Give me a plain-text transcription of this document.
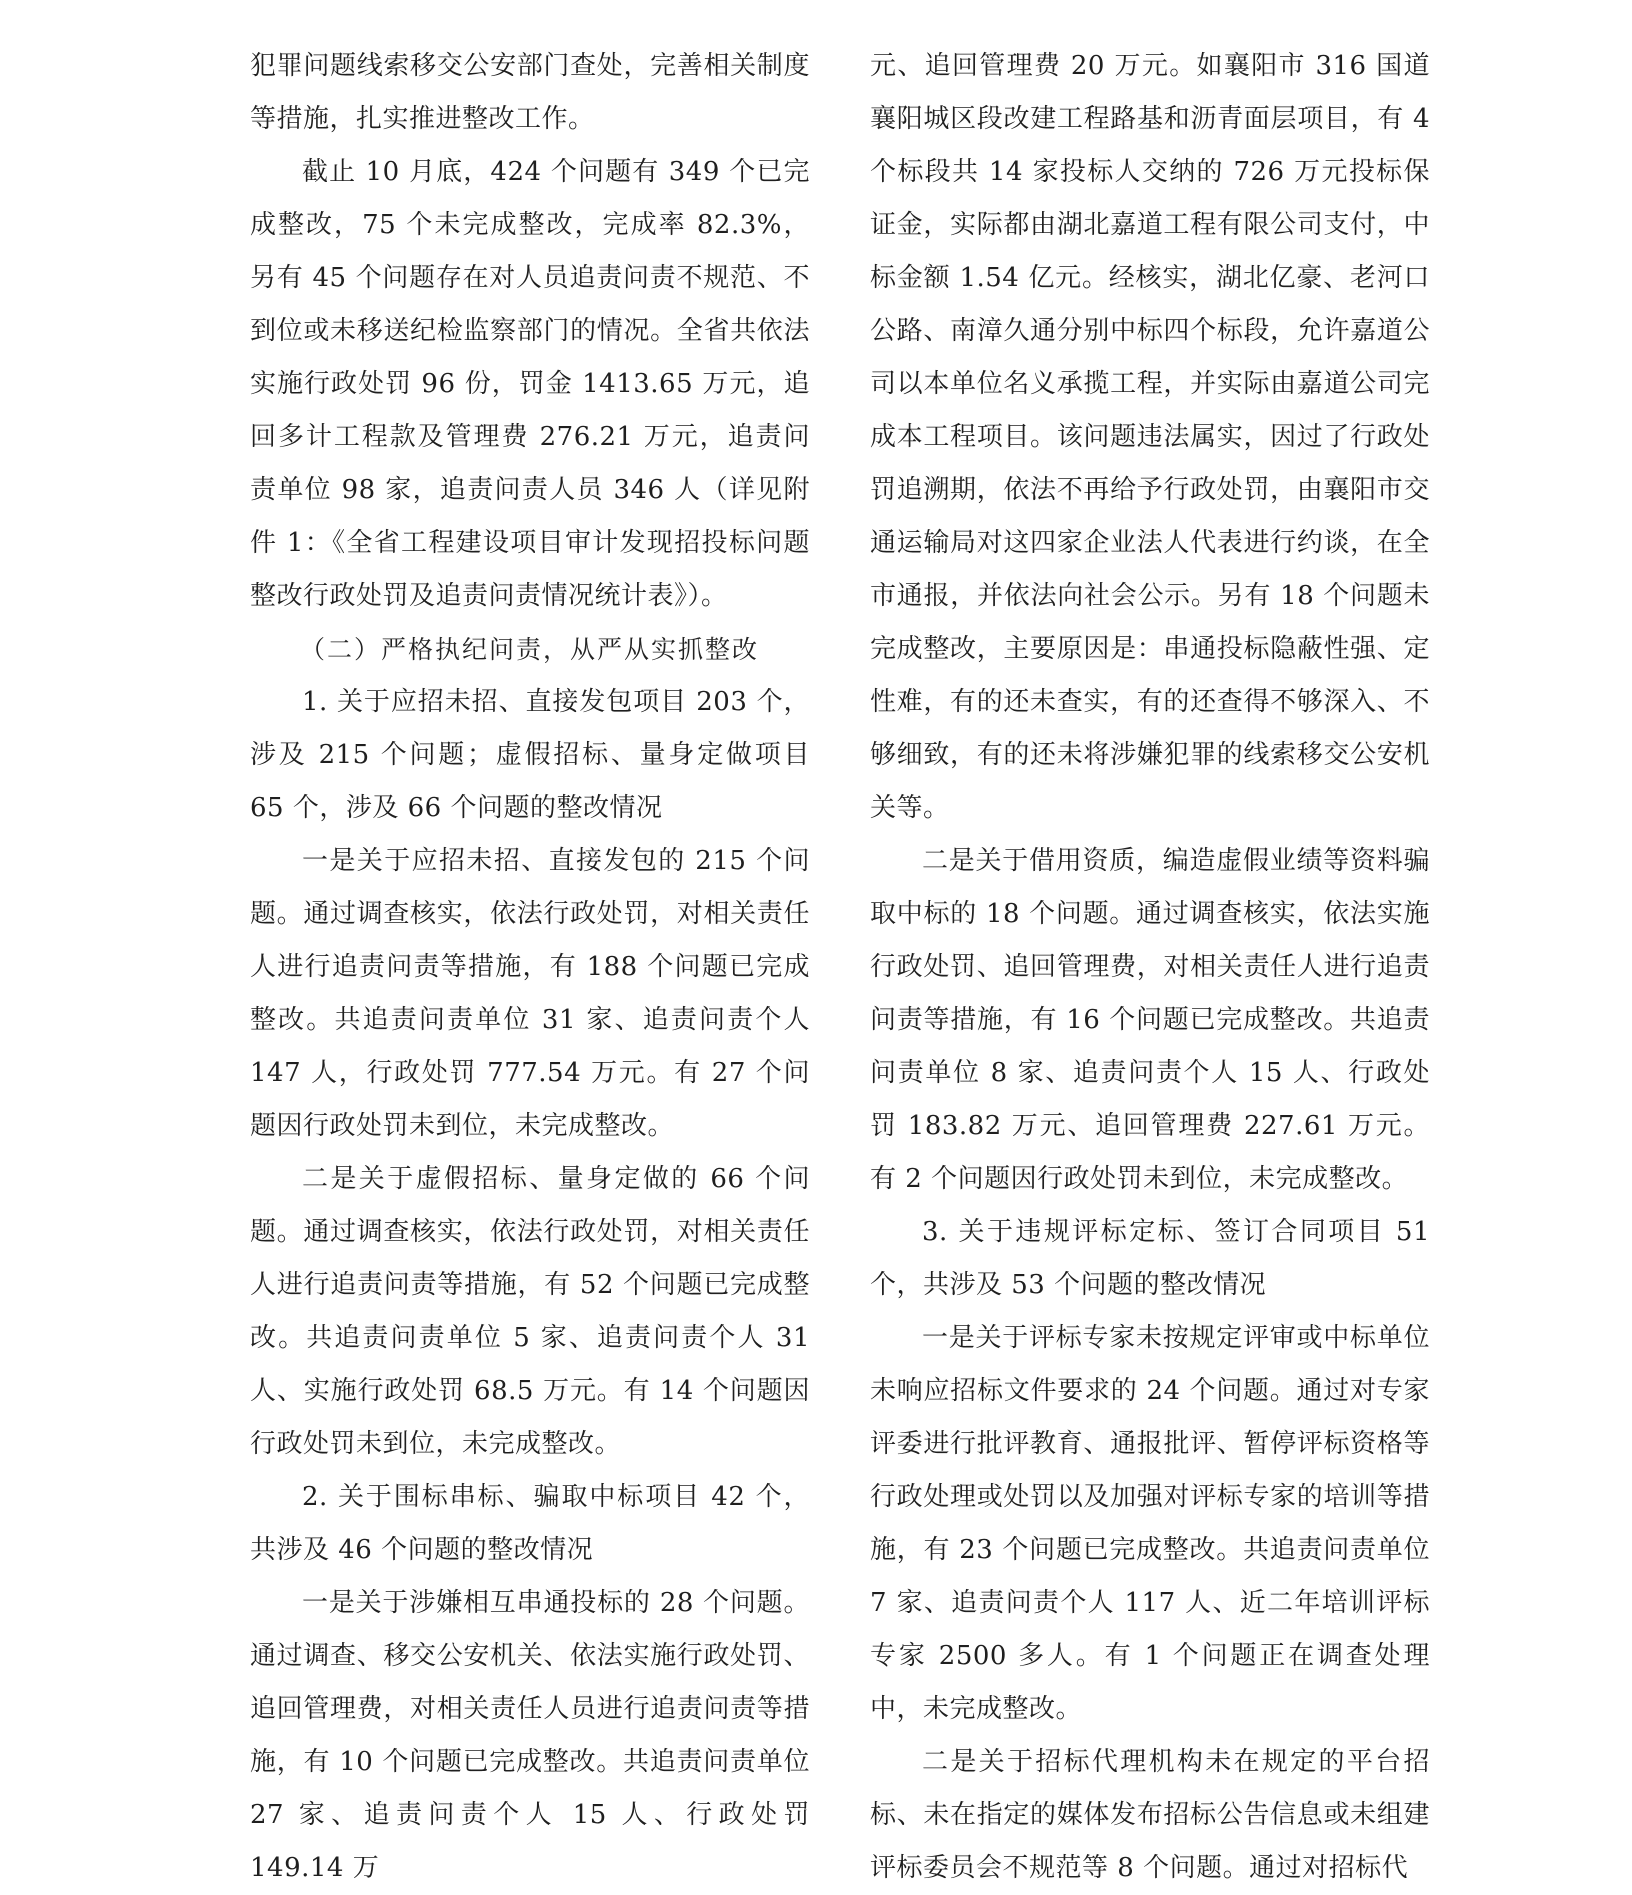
犯罪问题线索移交公安部门查处，完善相关制度等措施，扎实推进整改工作。

截止 10 月底，424 个问题有 349 个已完成整改，75 个未完成整改，完成率 82.3%，另有 45 个问题存在对人员追责问责不规范、不到位或未移送纪检监察部门的情况。全省共依法实施行政处罚 96 份，罚金 1413.65 万元，追回多计工程款及管理费 276.21 万元，追责问责单位 98 家，追责问责人员 346 人（详见附件 1：《全省工程建设项目审计发现招投标问题整改行政处罚及追责问责情况统计表》）。

（二）严格执纪问责，从严从实抓整改

1. 关于应招未招、直接发包项目 203 个，涉及 215 个问题；虚假招标、量身定做项目 65 个，涉及 66 个问题的整改情况

一是关于应招未招、直接发包的 215 个问题。通过调查核实，依法行政处罚，对相关责任人进行追责问责等措施，有 188 个问题已完成整改。共追责问责单位 31 家、追责问责个人 147 人，行政处罚 777.54 万元。有 27 个问题因行政处罚未到位，未完成整改。

二是关于虚假招标、量身定做的 66 个问题。通过调查核实，依法行政处罚，对相关责任人进行追责问责等措施，有 52 个问题已完成整改。共追责问责单位 5 家、追责问责个人 31 人、实施行政处罚 68.5 万元。有 14 个问题因行政处罚未到位，未完成整改。

2. 关于围标串标、骗取中标项目 42 个，共涉及 46 个问题的整改情况

一是关于涉嫌相互串通投标的 28 个问题。通过调查、移交公安机关、依法实施行政处罚、追回管理费，对相关责任人员进行追责问责等措施，有 10 个问题已完成整改。共追责问责单位 27 家、追责问责个人 15 人、行政处罚 149.14 万

元、追回管理费 20 万元。如襄阳市 316 国道襄阳城区段改建工程路基和沥青面层项目，有 4 个标段共 14 家投标人交纳的 726 万元投标保证金，实际都由湖北嘉道工程有限公司支付，中标金额 1.54 亿元。经核实，湖北亿豪、老河口公路、南漳久通分别中标四个标段，允许嘉道公司以本单位名义承揽工程，并实际由嘉道公司完成本工程项目。该问题违法属实，因过了行政处罚追溯期，依法不再给予行政处罚，由襄阳市交通运输局对这四家企业法人代表进行约谈，在全市通报，并依法向社会公示。另有 18 个问题未完成整改，主要原因是：串通投标隐蔽性强、定性难，有的还未查实，有的还查得不够深入、不够细致，有的还未将涉嫌犯罪的线索移交公安机关等。

二是关于借用资质，编造虚假业绩等资料骗取中标的 18 个问题。通过调查核实，依法实施行政处罚、追回管理费，对相关责任人进行追责问责等措施，有 16 个问题已完成整改。共追责问责单位 8 家、追责问责个人 15 人、行政处罚 183.82 万元、追回管理费 227.61 万元。有 2 个问题因行政处罚未到位，未完成整改。

3. 关于违规评标定标、签订合同项目 51 个，共涉及 53 个问题的整改情况

一是关于评标专家未按规定评审或中标单位未响应招标文件要求的 24 个问题。通过对专家评委进行批评教育、通报批评、暂停评标资格等行政处理或处罚以及加强对评标专家的培训等措施，有 23 个问题已完成整改。共追责问责单位 7 家、追责问责个人 117 人、近二年培训评标专家 2500 多人。有 1 个问题正在调查处理中，未完成整改。

二是关于招标代理机构未在规定的平台招标、未在指定的媒体发布招标公告信息或未组建评标委员会不规范等 8 个问题。通过对招标代
